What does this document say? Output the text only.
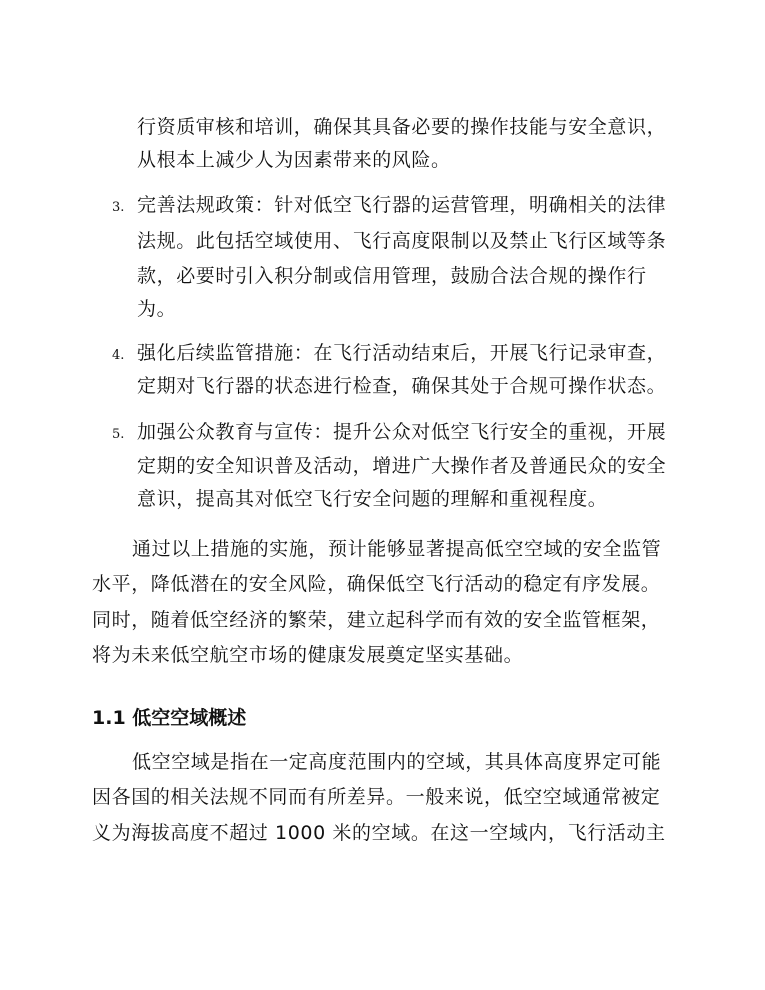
行资质审核和培训，确保其具备必要的操作技能与安全意识，
从根本上减少人为因素带来的风险。
3. 完善法规政策：针对低空飞行器的运营管理，明确相关的法律
法规。此包括空域使用、飞行高度限制以及禁止飞行区域等条
款，必要时引入积分制或信用管理，鼓励合法合规的操作行
为。
4. 强化后续监管措施：在飞行活动结束后，开展飞行记录审查，
定期对飞行器的状态进行检查，确保其处于合规可操作状态。
5. 加强公众教育与宣传：提升公众对低空飞行安全的重视，开展
定期的安全知识普及活动，增进广大操作者及普通民众的安全
意识，提高其对低空飞行安全问题的理解和重视程度。
通过以上措施的实施，预计能够显著提高低空空域的安全监管
水平，降低潜在的安全风险，确保低空飞行活动的稳定有序发展。
同时，随着低空经济的繁荣，建立起科学而有效的安全监管框架，
将为未来低空航空市场的健康发展奠定坚实基础。
1.1 低空空域概述
低空空域是指在一定高度范围内的空域，其具体高度界定可能
因各国的相关法规不同而有所差异。一般来说，低空空域通常被定
义为海拔高度不超过 1000 米的空域。在这一空域内，飞行活动主
